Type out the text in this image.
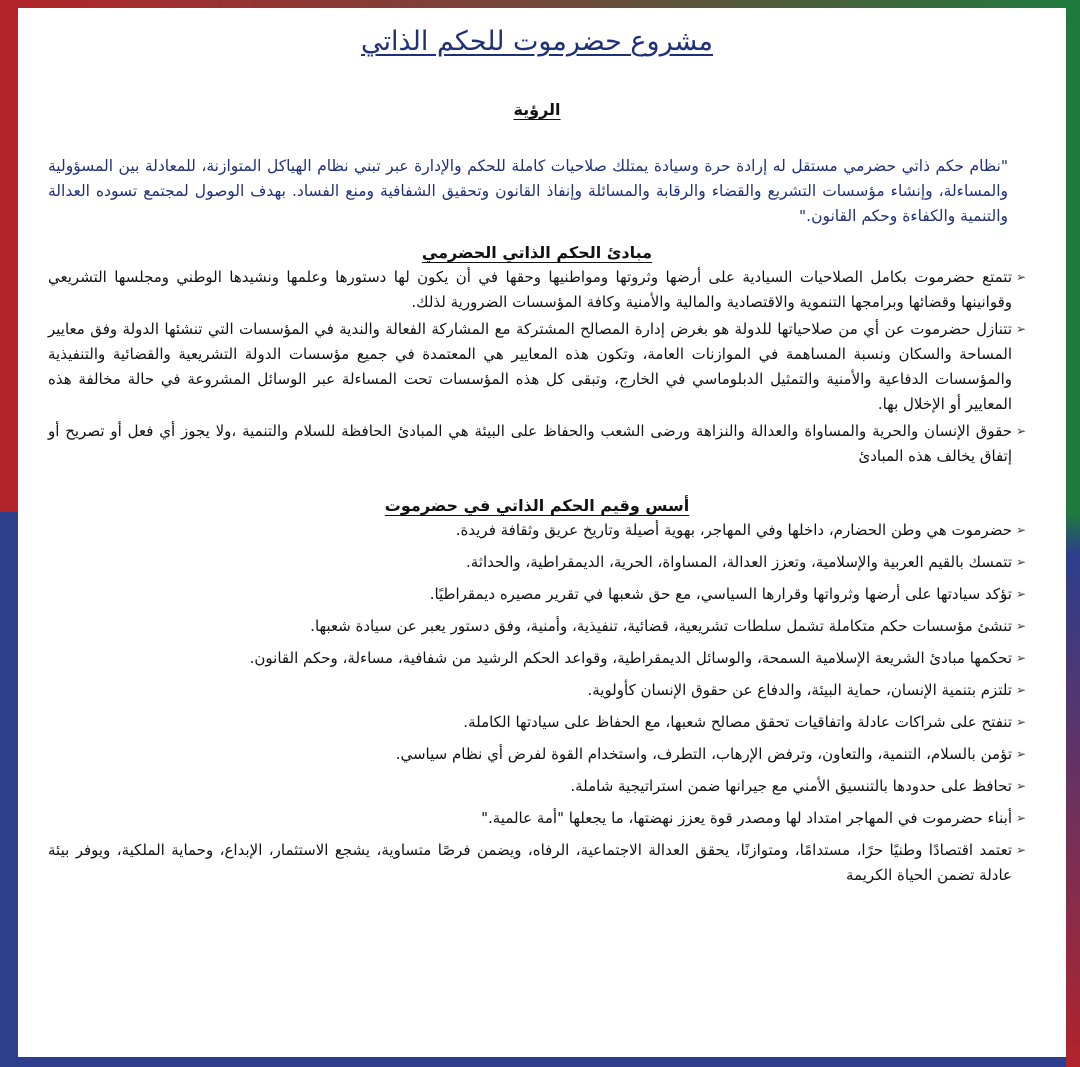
مشروع حضرموت للحكم الذاتي
الرؤية

"نظام حكم ذاتي حضرمي مستقل له إرادة حرة وسيادة يمتلك صلاحيات كاملة للحكم والإدارة عبر تبني نظام الهياكل المتوازنة، للمعادلة بين المسؤولية والمساءلة، وإنشاء مؤسسات التشريع والقضاء والرقابة والمسائلة وإنفاذ القانون وتحقيق الشفافية ومنع الفساد. بهدف الوصول لمجتمع تسوده العدالة والتنمية والكفاءة وحكم القانون."

مبادئ الحكم الذاتي الحضرمي
➢
تتمتع حضرموت بكامل الصلاحيات السيادية على أرضها وثروتها ومواطنيها وحقها في أن يكون لها دستورها وعلمها ونشيدها الوطني ومجلسها التشريعي وقوانينها وقضائها وبرامجها التنموية والاقتصادية والمالية والأمنية وكافة المؤسسات الضرورية لذلك.
➢
تتنازل حضرموت عن أي من صلاحياتها للدولة هو بغرض إدارة المصالح المشتركة مع المشاركة الفعالة والندية في المؤسسات التي تنشئها الدولة وفق معايير المساحة والسكان ونسبة المساهمة في الموازنات العامة، وتكون هذه المعايير هي المعتمدة في جميع مؤسسات الدولة التشريعية والقضائية والتنفيذية والمؤسسات الدفاعية والأمنية والتمثيل الدبلوماسي في الخارج، وتبقى كل هذه المؤسسات تحت المساءلة عبر الوسائل المشروعة في حالة مخالفة هذه المعايير أو الإخلال بها.
➢
حقوق الإنسان والحرية والمساواة والعدالة والنزاهة ورضى الشعب والحفاظ على البيئة هي المبادئ الحافظة للسلام والتنمية ،ولا يجوز أي فعل أو تصريح أو إتفاق يخالف هذه المبادئ
أسس وقيم الحكم الذاتي في حضرموت
➢
حضرموت هي وطن الحضارم، داخلها وفي المهاجر، بهوية أصيلة وتاريخ عريق وثقافة فريدة.
➢
تتمسك بالقيم العربية والإسلامية، وتعزز العدالة، المساواة، الحرية، الديمقراطية، والحداثة.
➢
تؤكد سيادتها على أرضها وثرواتها وقرارها السياسي، مع حق شعبها في تقرير مصيره ديمقراطيًا.
➢
تنشئ مؤسسات حكم متكاملة تشمل سلطات تشريعية، قضائية، تنفيذية، وأمنية، وفق دستور يعبر عن سيادة شعبها.
➢
تحكمها مبادئ الشريعة الإسلامية السمحة، والوسائل الديمقراطية، وقواعد الحكم الرشيد من شفافية، مساءلة، وحكم القانون.
➢
تلتزم بتنمية الإنسان، حماية البيئة، والدفاع عن حقوق الإنسان كأولوية.
➢
تنفتح على شراكات عادلة واتفاقيات تحقق مصالح شعبها، مع الحفاظ على سيادتها الكاملة.
➢
تؤمن بالسلام، التنمية، والتعاون، وترفض الإرهاب، التطرف، واستخدام القوة لفرض أي نظام سياسي.
➢
تحافظ على حدودها بالتنسيق الأمني مع جيرانها ضمن استراتيجية شاملة.
➢
أبناء حضرموت في المهاجر امتداد لها ومصدر قوة يعزز نهضتها، ما يجعلها "أمة عالمية."
➢
تعتمد اقتصادًا وطنيًا حرًا، مستدامًا، ومتوازنًا، يحقق العدالة الاجتماعية، الرفاه، ويضمن فرصًا متساوية، يشجع الاستثمار، الإبداع، وحماية الملكية، ويوفر بيئة عادلة تضمن الحياة الكريمة
